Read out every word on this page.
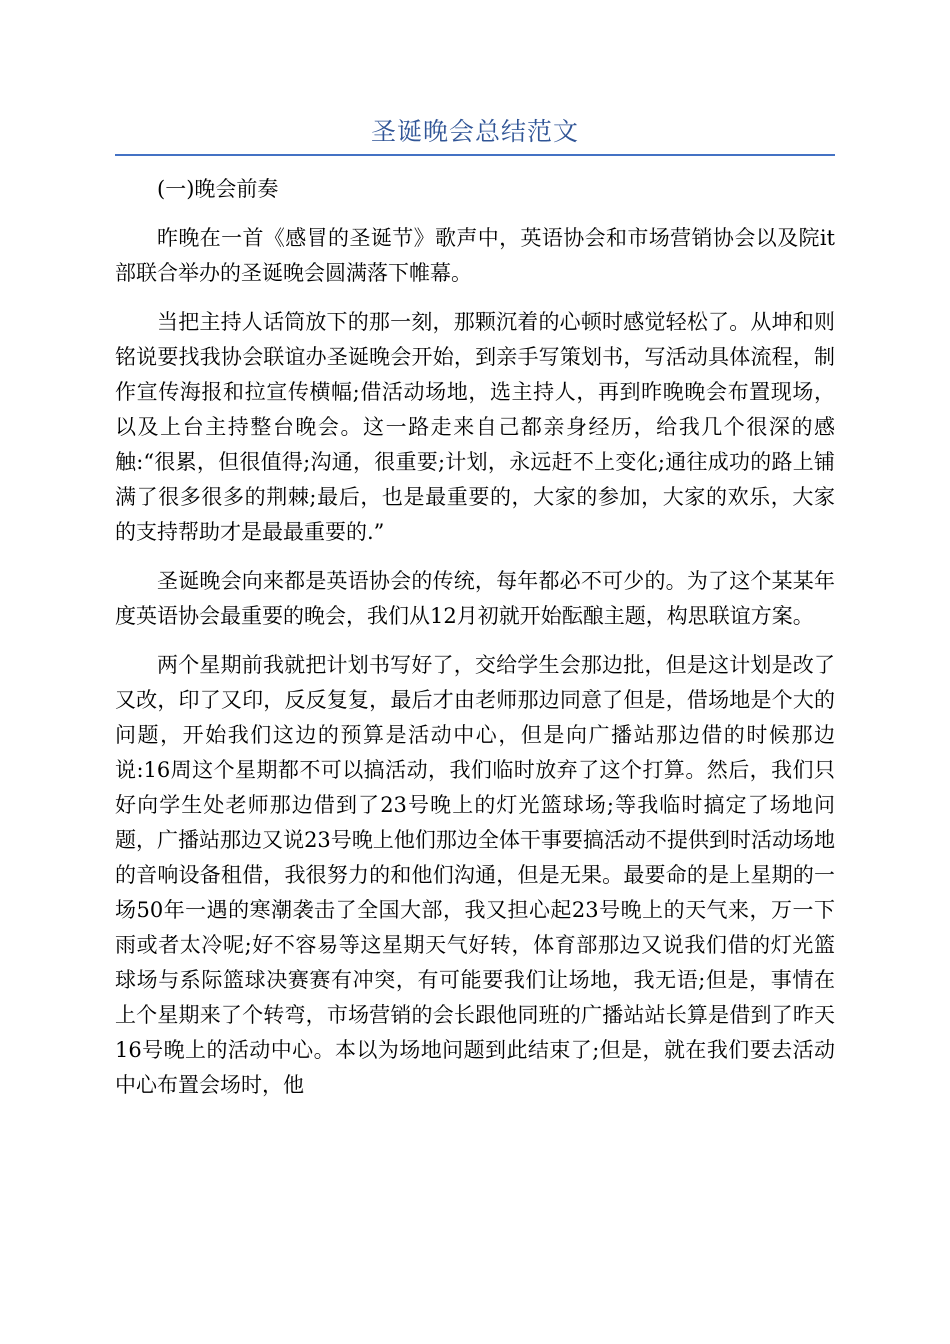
圣诞晚会总结范文

(一)晚会前奏

昨晚在一首《感冒的圣诞节》歌声中，英语协会和市场营销协会以及院it部联合举办的圣诞晚会圆满落下帷幕。

当把主持人话筒放下的那一刻，那颗沉着的心顿时感觉轻松了。从坤和则铭说要找我协会联谊办圣诞晚会开始，到亲手写策划书，写活动具体流程，制作宣传海报和拉宣传横幅;借活动场地，选主持人，再到昨晚晚会布置现场，以及上台主持整台晚会。这一路走来自己都亲身经历，给我几个很深的感触:“很累，但很值得;沟通，很重要;计划，永远赶不上变化;通往成功的路上铺满了很多很多的荆棘;最后，也是最重要的，大家的参加，大家的欢乐，大家的支持帮助才是最最重要的.”

圣诞晚会向来都是英语协会的传统，每年都必不可少的。为了这个某某年度英语协会最重要的晚会，我们从12月初就开始酝酿主题，构思联谊方案。

两个星期前我就把计划书写好了，交给学生会那边批，但是这计划是改了又改，印了又印，反反复复，最后才由老师那边同意了但是，借场地是个大的问题，开始我们这边的预算是活动中心，但是向广播站那边借的时候那边说:16周这个星期都不可以搞活动，我们临时放弃了这个打算。然后，我们只好向学生处老师那边借到了23号晚上的灯光篮球场;等我临时搞定了场地问题，广播站那边又说23号晚上他们那边全体干事要搞活动不提供到时活动场地的音响设备租借，我很努力的和他们沟通，但是无果。最要命的是上星期的一场50年一遇的寒潮袭击了全国大部，我又担心起23号晚上的天气来，万一下雨或者太冷呢;好不容易等这星期天气好转，体育部那边又说我们借的灯光篮球场与系际篮球决赛赛有冲突，有可能要我们让场地，我无语;但是，事情在上个星期来了个转弯，市场营销的会长跟他同班的广播站站长算是借到了昨天16号晚上的活动中心。本以为场地问题到此结束了;但是，就在我们要去活动中心布置会场时，他
